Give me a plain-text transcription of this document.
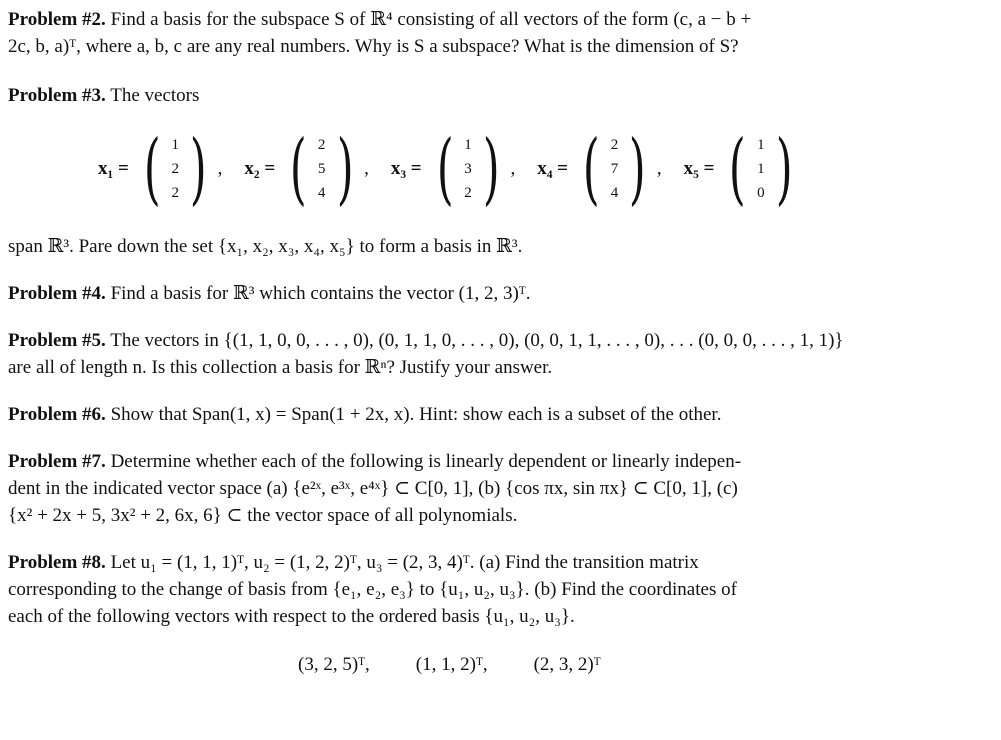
Problem #2. Find a basis for the subspace S of ℝ⁴ consisting of all vectors of the form (c, a − b +
2c, b, a)ᵀ, where a, b, c are any real numbers. Why is S a subspace? What is the dimension of S?
Problem #3. The vectors
x₁ = ( 1
2
2 ) , x₂ = ( 2
5
4 ) , x₃ = ( 1
3
2 ) , x₄ = ( 2
7
4 ) , x₅ = ( 1
1
0 )
span ℝ³. Pare down the set {x₁, x₂, x₃, x₄, x₅} to form a basis in ℝ³.
Problem #4. Find a basis for ℝ³ which contains the vector (1, 2, 3)ᵀ.
Problem #5. The vectors in {(1, 1, 0, 0, . . . , 0), (0, 1, 1, 0, . . . , 0), (0, 0, 1, 1, . . . , 0), . . . (0, 0, 0, . . . , 1, 1)}
are all of length n. Is this collection a basis for ℝⁿ? Justify your answer.
Problem #6. Show that Span(1, x) = Span(1 + 2x, x). Hint: show each is a subset of the other.
Problem #7. Determine whether each of the following is linearly dependent or linearly indepen-
dent in the indicated vector space (a) {e²ˣ, e³ˣ, e⁴ˣ} ⊂ C[0, 1], (b) {cos πx, sin πx} ⊂ C[0, 1], (c)
{x² + 2x + 5, 3x² + 2, 6x, 6} ⊂ the vector space of all polynomials.
Problem #8. Let u₁ = (1, 1, 1)ᵀ, u₂ = (1, 2, 2)ᵀ, u₃ = (2, 3, 4)ᵀ. (a) Find the transition matrix
corresponding to the change of basis from {e₁, e₂, e₃} to {u₁, u₂, u₃}. (b) Find the coordinates of
each of the following vectors with respect to the ordered basis {u₁, u₂, u₃}.
(3, 2, 5)ᵀ, (1, 1, 2)ᵀ, (2, 3, 2)ᵀ
